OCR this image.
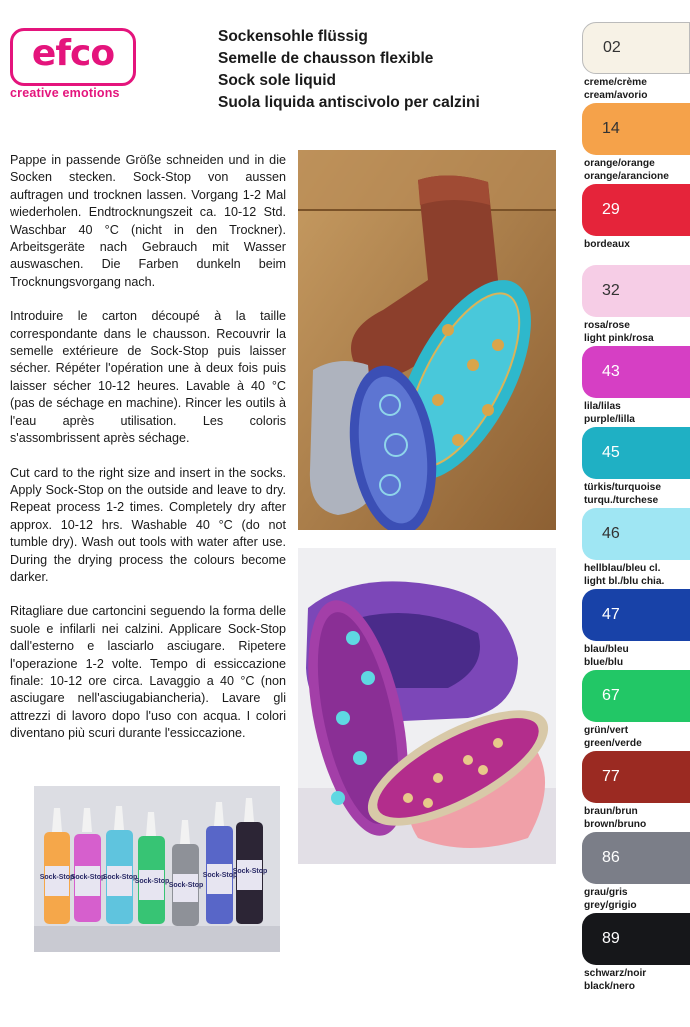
efco
creative emotions
Sockensohle flüssig
Semelle de chausson flexible
Sock sole liquid
Suola liquida antiscivolo per calzini

Pappe in passende Größe schneiden und in die Socken stecken. Sock-Stop von aussen auftragen und trocknen lassen. Vorgang 1-2 Mal wiederholen. Endtrocknungszeit ca. 10-12 Std. Waschbar 40 °C (nicht in den Trockner). Arbeitsgeräte nach Gebrauch mit Wasser auswaschen. Die Farben dunkeln beim Trocknungsvorgang nach.

Introduire le carton découpé à la taille correspondante dans le chausson. Recouvrir la semelle extérieure de Sock-Stop puis laisser sécher. Répéter l'opération une à deux fois puis laisser sécher 10-12 heures. Lavable à 40 °C (pas de séchage en machine). Rincer les outils à l'eau après utilisation. Les coloris s'assombrissent après séchage.

Cut card to the right size and insert in the socks. Apply Sock-Stop on the outside and leave to dry. Repeat process 1-2 times. Completely dry after approx. 10-12 hrs. Washable 40 °C (do not tumble dry). Wash out tools with water after use. During the drying process the colours become darker.

Ritagliare due cartoncini seguendo la forma delle suole e infilarli nei calzini. Applicare Sock-Stop dall'esterno e lasciarlo asciugare. Ripetere l'operazione 1-2 volte. Tempo di essiccazione finale: 10-12 ore circa. Lavaggio a 40 °C (non asciugare nell'asciugabiancheria). Lavare gli attrezzi di lavoro dopo l'uso con acqua. I colori diventano più scuri durante l'essiccazione.

Sock-Stop
Sock-Stop
Sock-Stop
Sock-Stop
Sock-Stop
Sock-Stop
Sock-Stop
02
creme/crème
cream/avorio
14
orange/orange
orange/arancione
29
bordeaux
32
rosa/rose
light pink/rosa
43
lila/lilas
purple/lilla
45
türkis/turquoise
turqu./turchese
46
hellblau/bleu cl.
light bl./blu chia.
47
blau/bleu
blue/blu
67
grün/vert
green/verde
77
braun/brun
brown/bruno
86
grau/gris
grey/grigio
89
schwarz/noir
black/nero
